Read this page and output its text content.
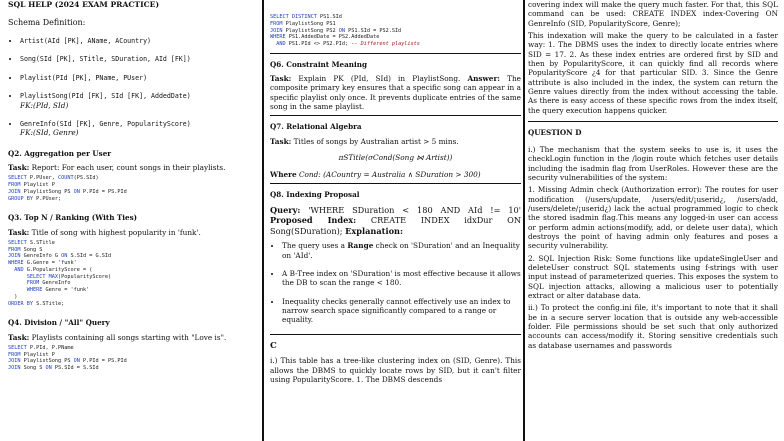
SQL HELP (2024 EXAM PRACTICE)
Schema Definition:
• Artist(AId [PK], AName, ACountry)
• Song(SId [PK], STitle, SDuration, AId [FK])
• Playlist(PId [PK], PName, PUser)
• PlaylistSong(PId [FK], SId [FK], AddedDate)
FK:(PId, SId)
• GenreInfo(SId [FK], Genre, PopularityScore)
FK:(SId, Genre)
Q2. Aggregation per User

Task: Report: For each user, count songs in their playlists.

SELECT P.PUser, COUNT(PS.SId)
FROM Playlist P
JOIN PlaylistSong PS ON P.PId = PS.PId
GROUP BY P.PUser;
Q3. Top N / Ranking (With Ties)

Task: Title of song with highest popularity in 'funk'.

SELECT S.STitle
FROM Song S
JOIN GenreInfo G ON S.SId = G.SId
WHERE G.Genre = 'funk'
AND G.PopularityScore = (
SELECT MAX(PopularityScore)
FROM GenreInfo
WHERE Genre = 'funk'
)
ORDER BY S.STitle;
Q4. Division / "All" Query

Task: Playlists containing all songs starting with "Love is".

SELECT P.PId, P.PName
FROM Playlist P
JOIN PlaylistSong PS ON P.PId = PS.PId
JOIN Song S ON PS.SId = S.SId
SELECT DISTINCT PS1.SId
FROM PlaylistSong PS1
JOIN PlaylistSong PS2 ON PS1.SId = PS2.SId
WHERE PS1.AddedDate = PS2.AddedDate
AND PS1.PId <> PS2.PId; -- Different playlists
Q6. Constraint Meaning

Task: Explain PK (PId, SId) in PlaylistSong. Answer: The composite primary key ensures that a specific song can appear in a specific playlist only once. It prevents duplicate entries of the same song in the same playlist.

Q7. Relational Algebra

Task: Titles of songs by Australian artist > 5 mins.

πSTitle(σCond(Song ⋈ Artist))

Where Cond: (ACountry = Australia ∧ SDuration > 300)

Q8. Indexing Proposal

Query: 'WHERE SDuration < 180 AND AId != 10' Proposed Index: CREATE INDEX idxDur ON Song(SDuration); Explanation:

• The query uses a Range check on 'SDuration' and an Inequality on 'AId'.
• A B-Tree index on 'SDuration' is most effective because it allows the DB to scan the range < 180.
• Inequality checks generally cannot effectively use an index to narrow search space significantly compared to a range or equality.
C

i.) This table has a tree-like clustering index on (SID, Genre). This allows the DBMS to quickly locate rows by SID, but it can't filter using PopularityScore. 1. The DBMS descends

covering index will make the query much faster. For that, this SQL command can be used: CREATE INDEX index-Covering ON GenreInfo (SID, PopularityScore, Genre);

This indexation will make the query to be calculated in a faster way: 1. The DBMS uses the index to directly locate entries where SID = 17. 2. As these index entries are ordered first by SID and then by PopularityScore, it can quickly find all records where PopularityScore ¿4 for that particular SID. 3. Since the Genre attribute is also included in the index, the system can return the Genre values directly from the index without accessing the table. As there is easy access of these specific rows from the index itself, the query execution happens quicker.

QUESTION D

i.) The mechanism that the system seeks to use is, it uses the checkLogin function in the /login route which fetches user details including the isadmin flag from UserRoles. However these are the security vulnerabilities of the system:

1. Missing Admin check (Authorization error): The routes for user modification (/users/update, /users/edit/¡userid¿, /users/add, /users/delete/¡userid¿) lack the actual programmed logic to check the stored isadmin flag.This means any logged-in user can access or perform admin actions(modify, add, or delete user data), which destroys the point of having admin only features and poses a security vulnerability.

2. SQL Injection Risk: Some functions like updateSingleUser and deleteUser construct SQL statements using f-strings with user input instead of parameterized queries. This exposes the system to SQL injection attacks, allowing a malicious user to potentially extract or alter database data.

ii.) To protect the config.ini file, it's important to note that it shall be in a secure server location that is outside any web-accessible folder. File permissions should be set such that only authorized accounts can access/modify it. Storing sensitive credentials such as database usernames and passwords
